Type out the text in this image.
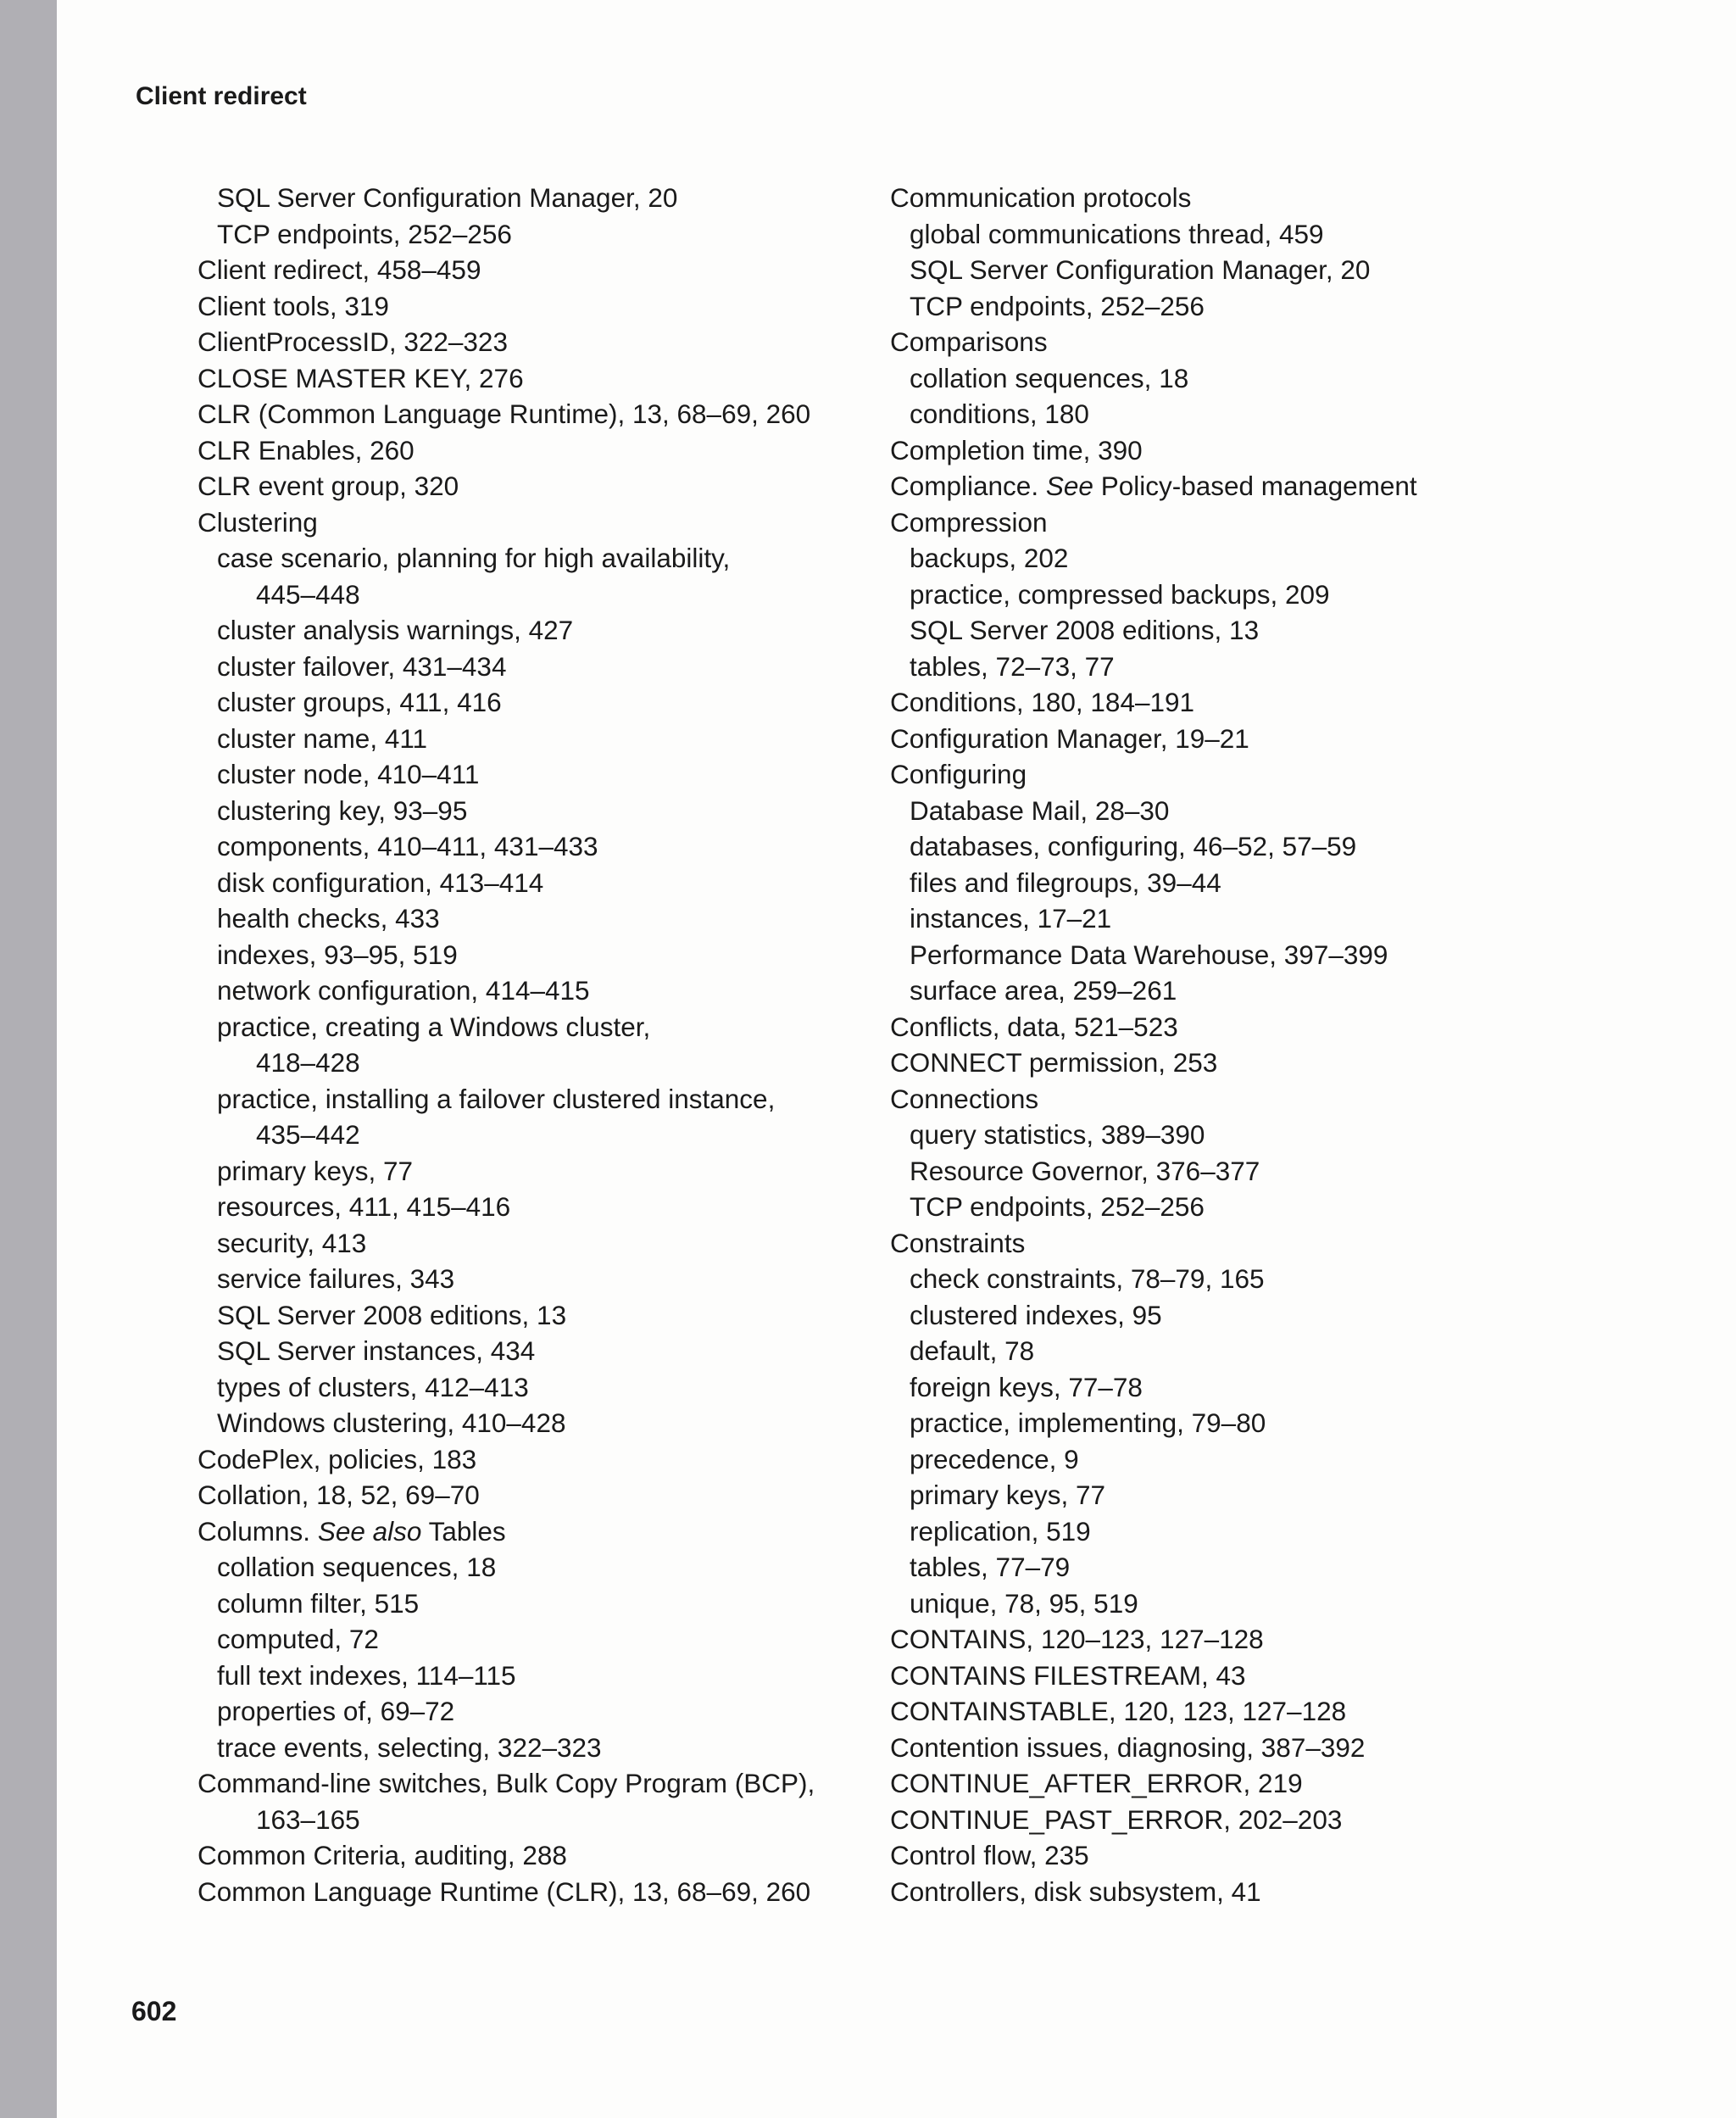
Client redirect
SQL Server Configuration Manager, 20
TCP endpoints, 252–256
Client redirect, 458–459
Client tools, 319
ClientProcessID, 322–323
CLOSE MASTER KEY, 276
CLR (Common Language Runtime), 13, 68–69, 260
CLR Enables, 260
CLR event group, 320
Clustering
case scenario, planning for high availability,
445–448
cluster analysis warnings, 427
cluster failover, 431–434
cluster groups, 411, 416
cluster name, 411
cluster node, 410–411
clustering key, 93–95
components, 410–411, 431–433
disk configuration, 413–414
health checks, 433
indexes, 93–95, 519
network configuration, 414–415
practice, creating a Windows cluster,
418–428
practice, installing a failover clustered instance,
435–442
primary keys, 77
resources, 411, 415–416
security, 413
service failures, 343
SQL Server 2008 editions, 13
SQL Server instances, 434
types of clusters, 412–413
Windows clustering, 410–428
CodePlex, policies, 183
Collation, 18, 52, 69–70
Columns. See also Tables
collation sequences, 18
column filter, 515
computed, 72
full text indexes, 114–115
properties of, 69–72
trace events, selecting, 322–323
Command-line switches, Bulk Copy Program (BCP),
163–165
Common Criteria, auditing, 288
Common Language Runtime (CLR), 13, 68–69, 260
Communication protocols
global communications thread, 459
SQL Server Configuration Manager, 20
TCP endpoints, 252–256
Comparisons
collation sequences, 18
conditions, 180
Completion time, 390
Compliance. See Policy-based management
Compression
backups, 202
practice, compressed backups, 209
SQL Server 2008 editions, 13
tables, 72–73, 77
Conditions, 180, 184–191
Configuration Manager, 19–21
Configuring
Database Mail, 28–30
databases, configuring, 46–52, 57–59
files and filegroups, 39–44
instances, 17–21
Performance Data Warehouse, 397–399
surface area, 259–261
Conflicts, data, 521–523
CONNECT permission, 253
Connections
query statistics, 389–390
Resource Governor, 376–377
TCP endpoints, 252–256
Constraints
check constraints, 78–79, 165
clustered indexes, 95
default, 78
foreign keys, 77–78
practice, implementing, 79–80
precedence, 9
primary keys, 77
replication, 519
tables, 77–79
unique, 78, 95, 519
CONTAINS, 120–123, 127–128
CONTAINS FILESTREAM, 43
CONTAINSTABLE, 120, 123, 127–128
Contention issues, diagnosing, 387–392
CONTINUE_AFTER_ERROR, 219
CONTINUE_PAST_ERROR, 202–203
Control flow, 235
Controllers, disk subsystem, 41
602
